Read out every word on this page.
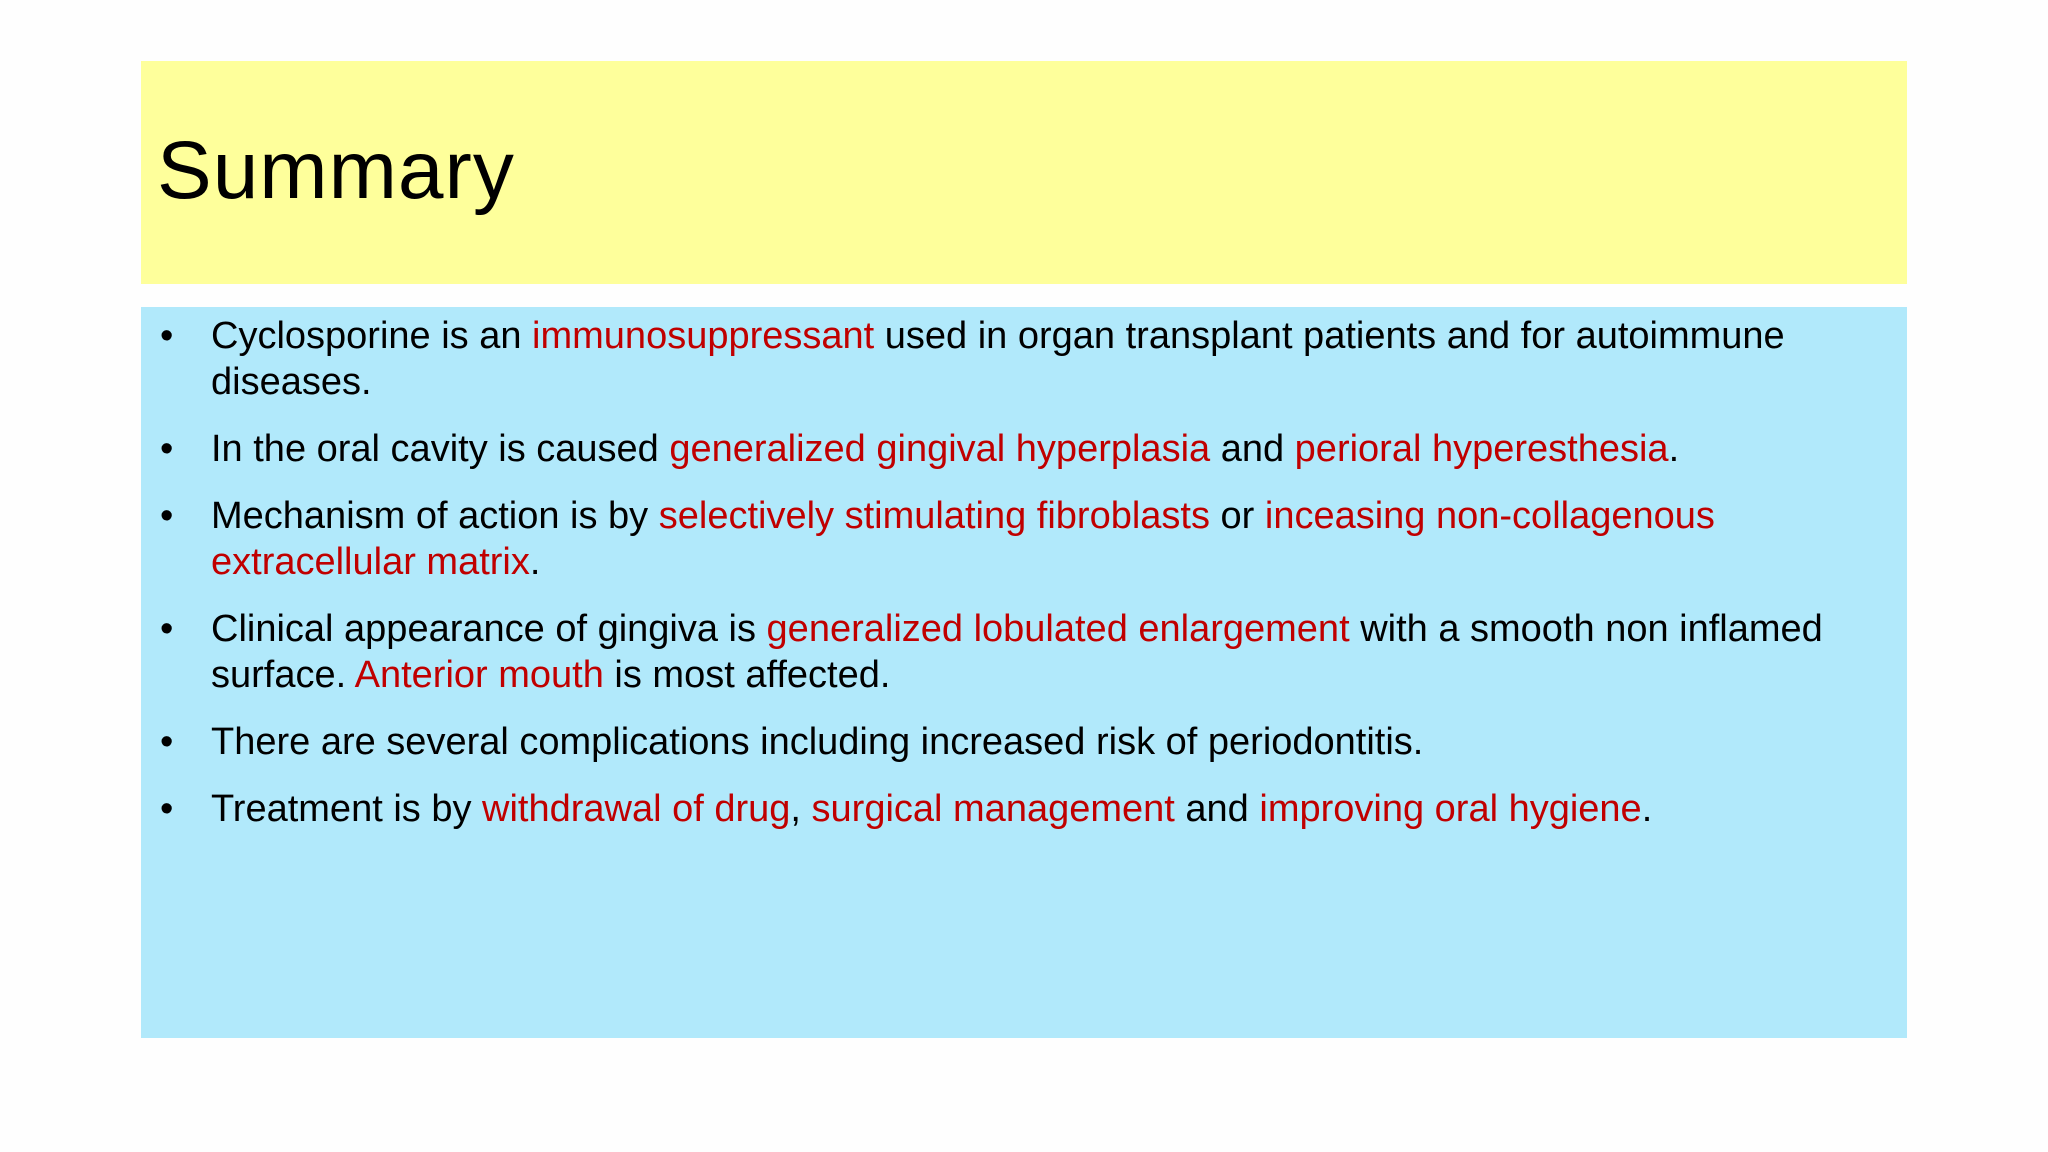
Summary
• Cyclosporine is an immunosuppressant used in organ transplant patients and for autoimmune diseases.
• In the oral cavity is caused generalized gingival hyperplasia and perioral hyperesthesia.
• Mechanism of action is by selectively stimulating fibroblasts or inceasing non-collagenous extracellular matrix.
• Clinical appearance of gingiva is generalized lobulated enlargement with a smooth non inflamed surface. Anterior mouth is most affected.
• There are several complications including increased risk of periodontitis.
• Treatment is by withdrawal of drug, surgical management and improving oral hygiene.
